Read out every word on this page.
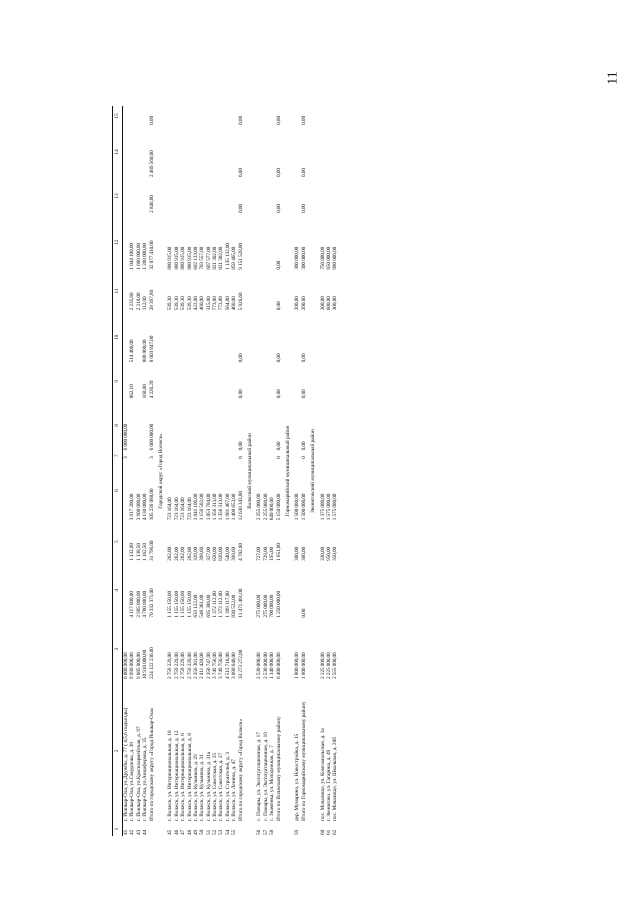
11
1	2	3	4	5	6	7	8	9	10	11	12	13	14	15
41	г. Йошкар-Ола, ул.Дружбы, д. 77 ( 4,5,6 подъезды)	6 000 000,00				3	6 000 000,00							
42	г. Йошкар-Ола, ул.Свердлова, д. 38	9 990 000,00	4 117 600,00	1 132,00	3 917 200,00			862,10	514 400,00	2 235,60	1 044 100,00			
43	г. Йошкар-Ола, ул.Красноармейская, д. 97	9 085 000,00	2 985 000,00	1 138,50	3 900 000,00					2 218,00	1 600 000,00			
44	г. Йошкар-Ола, ул.Анциферова, д. 35	10 910 000,00	4 700 000,00	1 162,50	4 130 000,00			168,80	880 000,00	112,00	1 200 000,00			
	Итого по городскому округу «Город Йошкар-Ола»	224 122 236,00	70 332 371,00	31 796,00	105 239 088,00	3	6 000 000,00	4 226,20	8 003 847,00	28 397,80	32 077 410,00	2 846,00	2 469 560,00	0,00
Городской округ «Город Волжск»														
45	г. Волжск, ул. Интернациональная, д. 10	2 759 229,00	1 155 150,00	262,00	723 164,00					539,30	880 915,00			
46	г. Волжск, ул. Интернациональная, д. 12	2 759 229,00	1 155 150,00	262,00	723 164,00					539,30	880 915,00			
47	г. Волжск, ул. Интернациональная, д. 6	2 759 229,00	1 155 150,00	262,00	723 164,00					539,30	880 915,00			
48	г. Волжск, ул. Интернациональная, д. 8	2 759 229,00	1 155 150,00	262,00	723 164,00					539,30	880 915,00			
49	г. Волжск, ул. Кузьмина, д. 29	2 356 361,00	633 122,00	329,00	1 041 106,00					422,00	682 133,00			
50	г. Волжск, ул. Кузьмина, д. 31	2 411 420,00	548 361,00	398,60	1 159 502,00					460,00	703 557,00			
51	г. Волжск, ул. Кузьмина, д. 31а	2 356 747,00	695 386,00	327,00	1 053 784,00					315,00	607 577,00			
52	г. Волжск, ул. Советская, д. 25	3 749 756,00	1 372 112,00	820,00	1 356 313,00					773,80	821 302,00			
53	г. Волжск, ул. Советская, д. 27	3 749 756,00	1 372 112,00	820,00	1 356 313,00					773,80	821 302,00			
54	г. Волжск, ул. Строителей, д. 3	4 515 716,00	1 399 117,00	540,00	1 981 467,00					564,80	1 135 132,00			
55	г. Волжск, ул. Ленина, д. 47	3 098 640,00	830 522,00	398,60	1 408 653,00					460,00	859 465,00			
	Итого по городскому округу «Город Волжск»	33 273 272,00	11 471 401,00	4 702,00	12 630 343,00	0	0,00	0,00	0,00	5 926,60	9 151 528,00	0,00	0,00	0,00
Волжский муниципальный район														
56	с. Помары, ул. Эксплуатационная, д. 17	2 530 000,00	275 000,00	727,00	2 255 000,00									
57	с. Помары, ул. Эксплуатационная, д. 19	2 530 000,00	275 000,00	729,00	2 255 000,00									
58	с. Знаменка, ул. Молодежная, д. 7	1 340 000,00	700 000,00	195,00	640 000,00									
	Итого по Волжскому муниципальному району	6 400 000,00	1 250 000,00	1 651,00	5 150 000,00	0	0,00	0,00	0,00	0,00	0,00	0,00	0,00	0,00
Горномарийский муниципальный район														
59	дер. Мумарино, ул. Новостройка, д. 15	1 800 000,00		300,00	1 500 000,00					200,00	300 000,00			
	Итого по Горномарийскому муниципальному району	1 800 000,00	0,00	300,00	1 500 000,00	0	0,00	0,00	0,00	200,00	300 000,00	0,00	0,00	0,00
Звениговский муниципальный район														
60	пос. Мочалище, ул. Комсомольская, д. 1а	2 125 000,00		330,00	1 375 000,00					300,00	750 000,00			
61	г. Звенигово, ул. Гагарина, д. 49	2 225 000,00		950,00	1 575 000,00					600,00	650 000,00			
62	пос. Мочалище, ул. Школьная, д. 20б	2 555 000,00		350,00	1 575 000,00					300,00	980 000,00			
